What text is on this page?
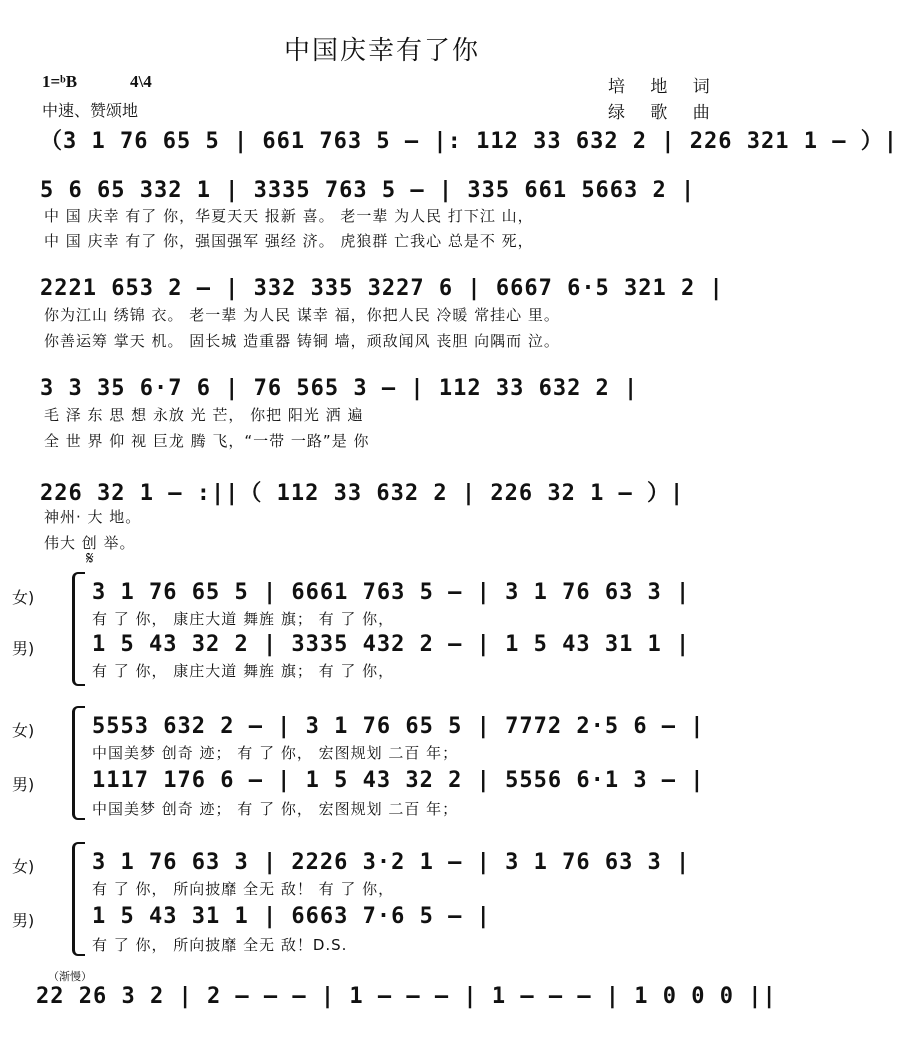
中国庆幸有了你
1=ᵇB	4\4	培 地 词
中速、赞颂地	绿 歌 曲
（3 1 76 65 5 | 661 763 5 – |: 112 33 632 2 | 226 321 1 – ）|
5 6 65 332 1 | 3335 763 5 – | 335 661 5663 2 |
中 国 庆幸 有了 你，华夏天天 报新 喜。 老一辈 为人民 打下江 山，
中 国 庆幸 有了 你，强国强军 强经 济。 虎狼群 亡我心 总是不 死，
2221 653 2 – | 332 335 3227 6 | 6667 6·5 321 2 |
你为江山 绣锦 衣。 老一辈 为人民 谋幸 福，你把人民 冷暖 常挂心 里。
你善运筹 掌天 机。 固长城 造重器 铸铜 墙，顽敌闻风 丧胆 向隅而 泣。
3 3 35 6·7 6 | 76 565 3 – | 112 33 632 2 |
毛 泽 东 思 想 永放 光 芒， 你把 阳光 洒 遍
全 世 界 仰 视 巨龙 腾 飞，“一带 一路”是 你
226 32 1 – :||（ 112 33 632 2 | 226 32 1 – ）|
神州· 大 地。
伟大 创 举。
𝄋
女)	3 1 76 65 5 | 6661 763 5 – | 3 1 76 63 3 |
有 了 你， 康庄大道 舞旌 旗； 有 了 你，
男)	1 5 43 32 2 | 3335 432 2 – | 1 5 43 31 1 |
有 了 你， 康庄大道 舞旌 旗； 有 了 你，
女)	5553 632 2 – | 3 1 76 65 5 | 7772 2·5 6 – |
中国美梦 创奇 迹； 有 了 你， 宏图规划 二百 年；
男)	1117 176 6 – | 1 5 43 32 2 | 5556 6·1 3 – |
中国美梦 创奇 迹； 有 了 你， 宏图规划 二百 年；
女)	3 1 76 63 3 | 2226 3·2 1 – | 3 1 76 63 3 |
有 了 你， 所向披靡 全无 敌！ 有 了 你，
男)	1 5 43 31 1 | 6663 7·6 5 – |
有 了 你， 所向披靡 全无 敌！D.S.
（渐慢）
22 26 3 2 | 2 – – – | 1 – – – | 1 – – – | 1 0 0 0 ||
